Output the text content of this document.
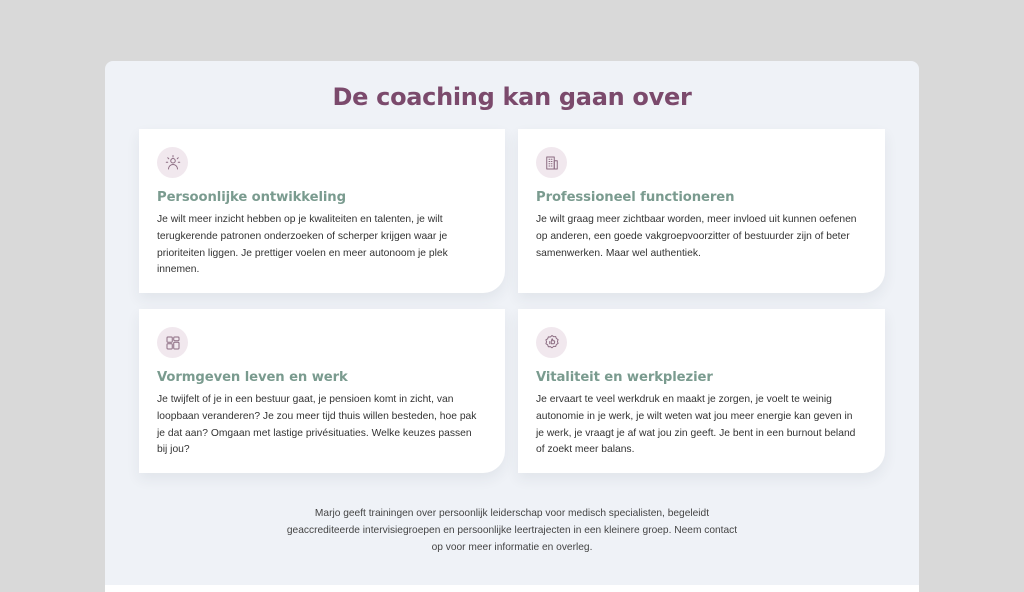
De coaching kan gaan over
Persoonlijke ontwikkeling

Je wilt meer inzicht hebben op je kwaliteiten en talenten, je wilt terugkerende patronen onderzoeken of scherper krijgen waar je prioriteiten liggen. Je prettiger voelen en meer autonoom je plek innemen.

Professioneel functioneren

Je wilt graag meer zichtbaar worden, meer invloed uit kunnen oefenen op anderen, een goede vakgroepvoorzitter of bestuurder zijn of beter samenwerken. Maar wel authentiek.

Vormgeven leven en werk

Je twijfelt of je in een bestuur gaat, je pensioen komt in zicht, van loopbaan veranderen? Je zou meer tijd thuis willen besteden, hoe pak je dat aan? Omgaan met lastige privésituaties. Welke keuzes passen bij jou?

Vitaliteit en werkplezier

Je ervaart te veel werkdruk en maakt je zorgen, je voelt te weinig autonomie in je werk, je wilt weten wat jou meer energie kan geven in je werk, je vraagt je af wat jou zin geeft. Je bent in een burnout beland of zoekt meer balans.

Marjo geeft trainingen over persoonlijk leiderschap voor medisch specialisten, begeleidt geaccrediteerde intervisiegroepen en persoonlijke leertrajecten in een kleinere groep. Neem contact op voor meer informatie en overleg.
